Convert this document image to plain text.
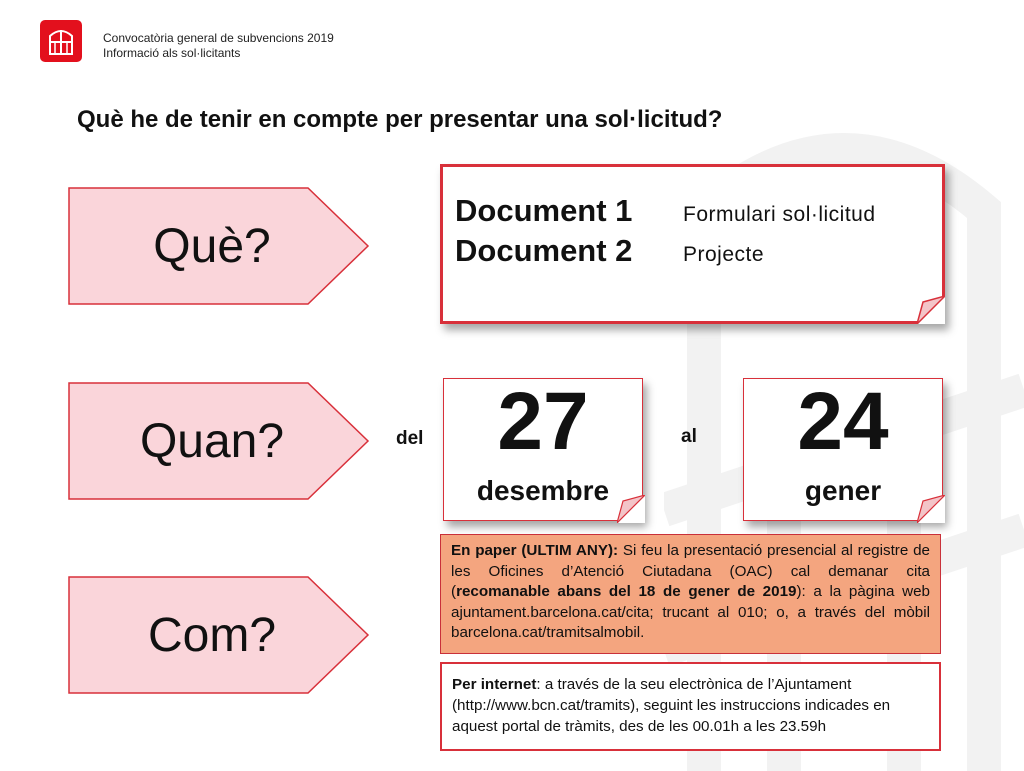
Convocatòria general de subvencions 2019
Informació als sol·licitants
Què he de tenir en compte per presentar una sol·licitud?
Què?
Quan?
Com?
Document 1	Formulari sol·licitud
Document 2	Projecte
del 27
desembre
al	24
gener
En paper (ULTIM ANY): Si feu la presentació presencial al registre de les Oficines d’Atenció Ciutadana (OAC) cal demanar cita (recomanable abans del 18 de gener de 2019): a la pàgina web ajuntament.barcelona.cat/cita; trucant al 010; o, a través del mòbil barcelona.cat/tramitsalmobil.
Per internet: a través de la seu electrònica de l’Ajuntament (http://www.bcn.cat/tramits), seguint les instruccions indicades en aquest portal de tràmits, des de les 00.01h a les 23.59h
